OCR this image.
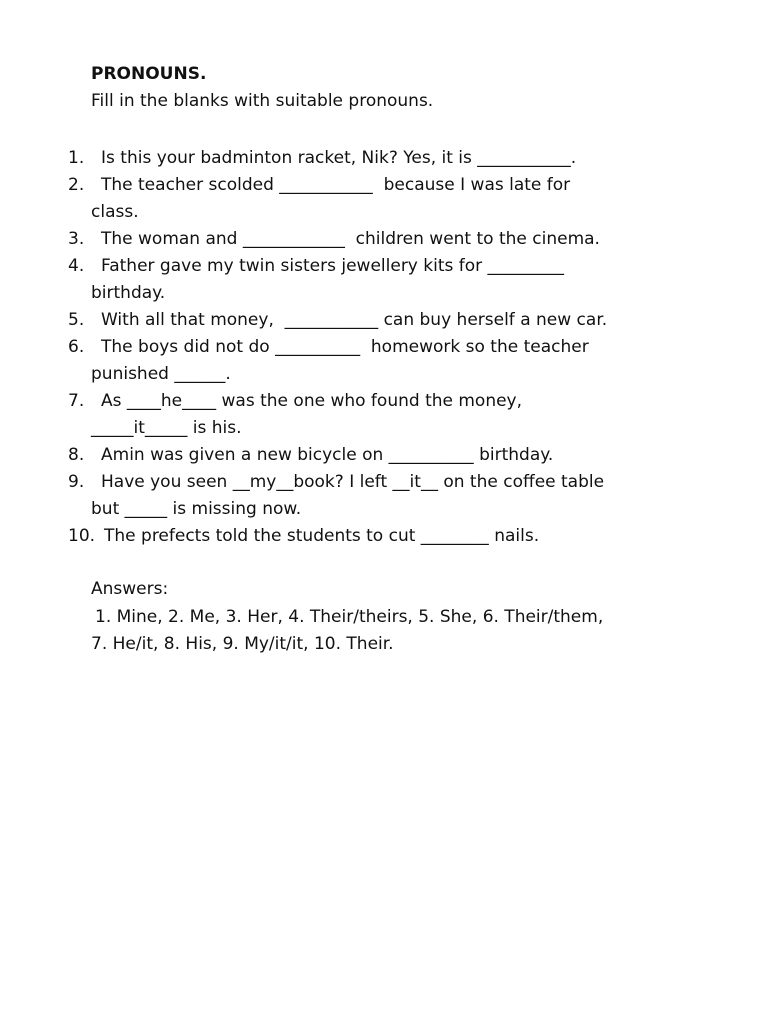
PRONOUNS.
Fill in the blanks with suitable pronouns.
1. Is this your badminton racket, Nik? Yes, it is ___________.
2. The teacher scolded ___________  because I was late for
class.
3. The woman and ____________  children went to the cinema.
4. Father gave my twin sisters jewellery kits for _________
birthday.
5. With all that money,  ___________ can buy herself a new car.
6. The boys did not do __________  homework so the teacher
punished ______.
7. As ____he____ was the one who found the money,
_____it_____ is his.
8. Amin was given a new bicycle on __________ birthday.
9. Have you seen __my__book? I left __it__ on the coffee table
but _____ is missing now.
10. The prefects told the students to cut ________ nails.
Answers:
1. Mine, 2. Me, 3. Her, 4. Their/theirs, 5. She, 6. Their/them,
7. He/it, 8. His, 9. My/it/it, 10. Their.
